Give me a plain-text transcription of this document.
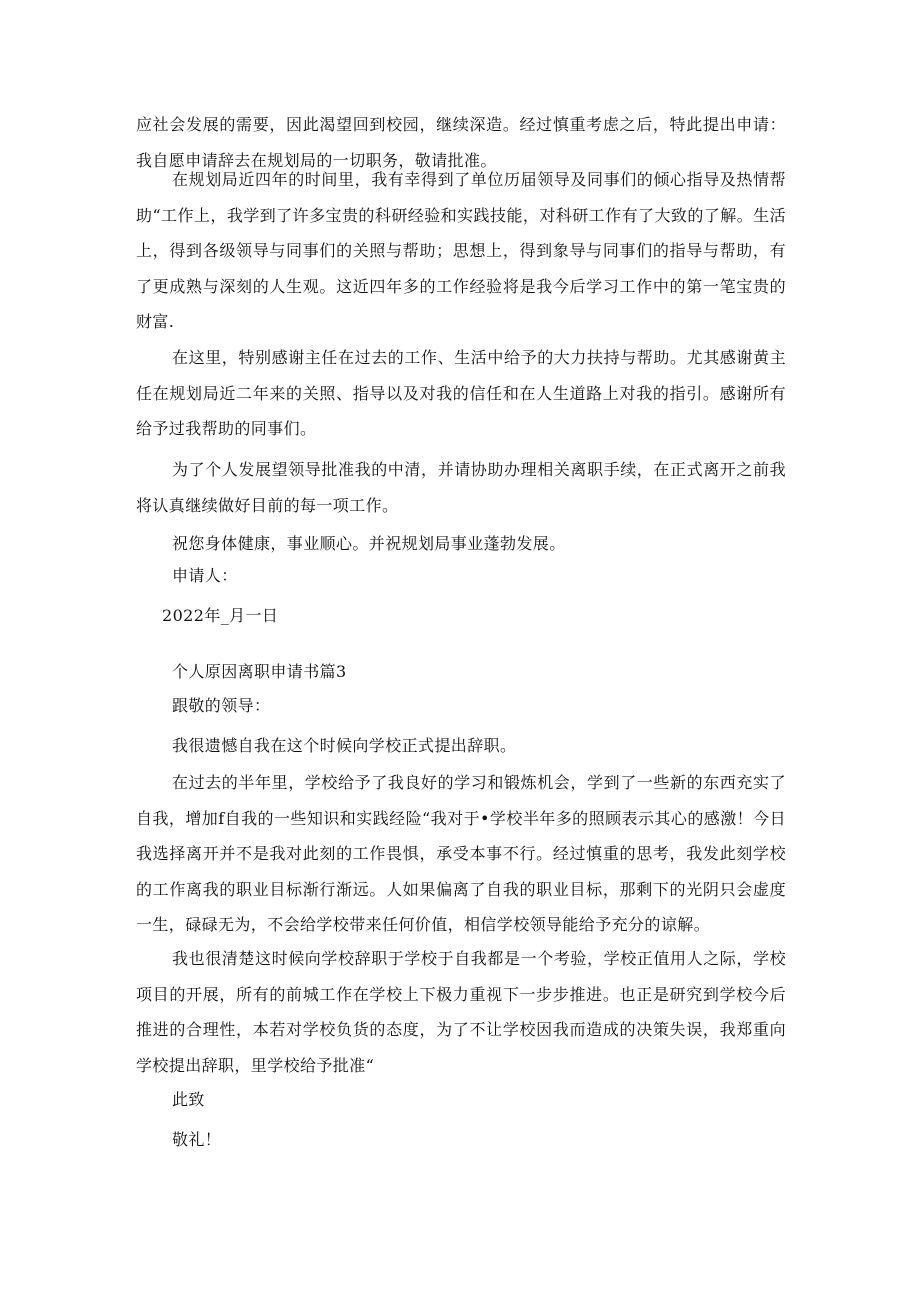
应社会发展的需要，因此渴望回到校园，继续深造。经过慎重考虑之后，特此提出申请：我自愿申请辞去在规划局的一切职务，敬请批准。

在规划局近四年的时间里，我有幸得到了单位历届领导及同事们的倾心指导及热情帮助“工作上，我学到了许多宝贵的科研经验和实践技能，对科研工作有了大致的了解。生活上，得到各级领导与同事们的关照与帮助；思想上，得到象导与同事们的指导与帮助，有了更成熟与深刻的人生观。这近四年多的工作经验将是我今后学习工作中的第一笔宝贵的财富.

在这里，特别感谢主任在过去的工作、生活中给予的大力扶持与帮助。尤其感谢黄主任在规划局近二年来的关照、指导以及对我的信任和在人生道路上对我的指引。感谢所有给予过我帮助的同事们。

为了个人发展望领导批准我的中清，并请协助办理相关离职手续，在正式离开之前我将认真继续做好目前的每一项工作。

祝您身体健康，事业顺心。并祝规划局事业蓬勃发展。

申请人：
2022年_月一日
个人原因离职申请书篇3
跟敬的领导：

我很遗憾自我在这个时候向学校正式提出辞职。

在过去的半年里，学校给予了我良好的学习和锻炼机会，学到了一些新的东西充实了自我，增加f自我的一些知识和实践经险“我对于•学校半年多的照顾表示其心的感激！今日我选择离开并不是我对此刻的工作畏惧，承受本事不行。经过慎重的思考，我发此刻学校的工作离我的职业目标渐行渐远。人如果偏离了自我的职业目标，那剩下的光阴只会虚度一生，碌碌无为，不会给学校带来任何价值，相信学校领导能给予充分的谅解。

我也很清楚这时候向学校辞职于学校于自我都是一个考验，学校正值用人之际，学校项目的开展，所有的前城工作在学校上下极力重视下一步步推进。也正是研究到学校今后推进的合理性，本若对学校负货的态度，为了不让学校因我而造成的决策失误，我郑重向学校提出辞职，里学校给予批准“

此致
敬礼！
